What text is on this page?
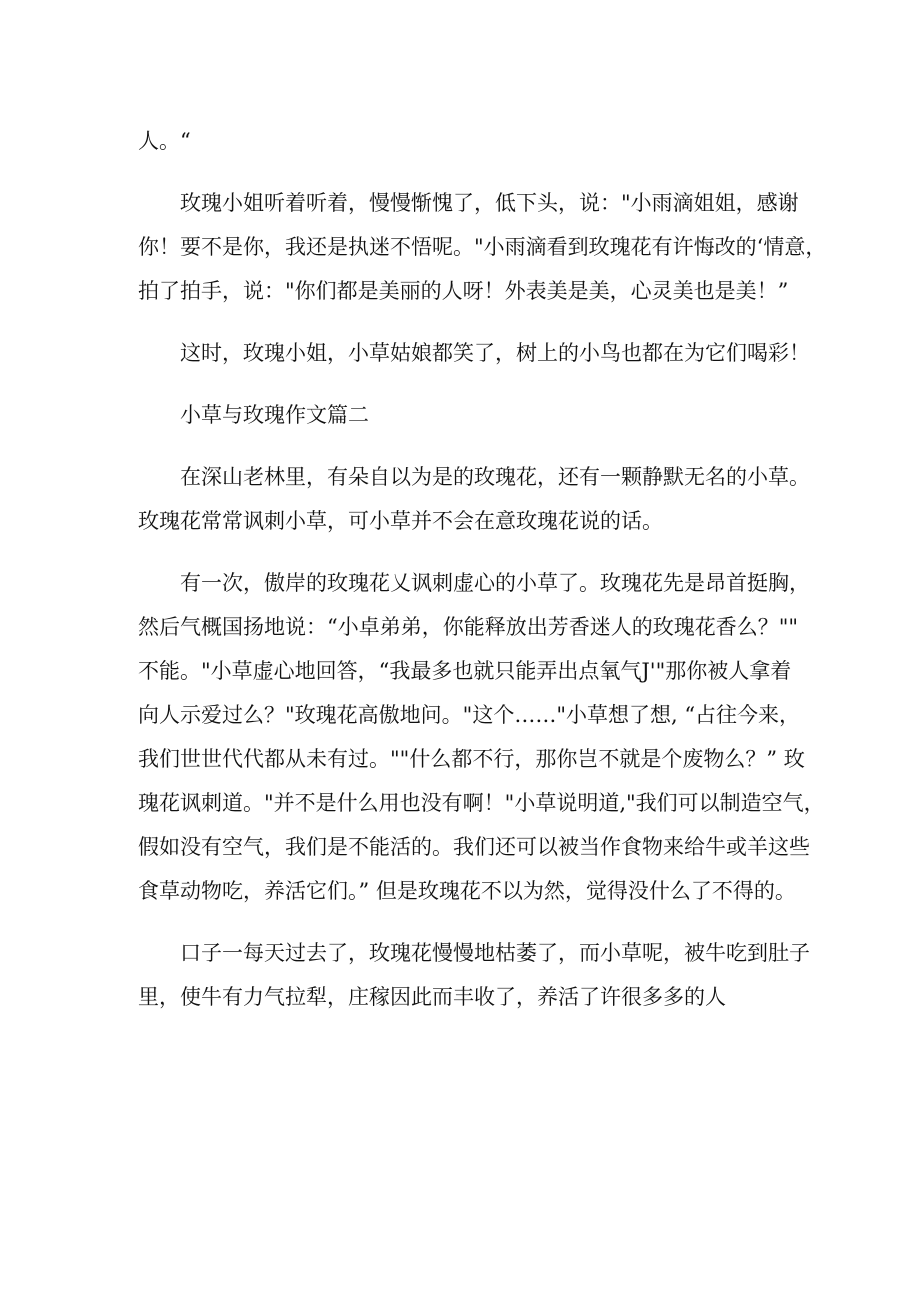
人。“
玫瑰小姐听着听着，慢慢惭愧了，低下头，说："小雨滴姐姐，感谢
你！要不是你，我还是执迷不悟呢。"小雨滴看到玫瑰花有许悔改的‘情意，
拍了拍手，说："你们都是美丽的人呀！外表美是美，心灵美也是美！”
这时，玫瑰小姐，小草姑娘都笑了，树上的小鸟也都在为它们喝彩！
小草与玫瑰作文篇二
在深山老林里，有朵自以为是的玫瑰花，还有一颗静默无名的小草。
玫瑰花常常讽刺小草，可小草并不会在意玫瑰花说的话。
有一次，傲岸的玫瑰花乂讽刺虚心的小草了。玫瑰花先是昂首挺胸，
然后气概国扬地说：“小卓弟弟，你能释放出芳香迷人的玫瑰花香么？""
不能。"小草虚心地回答，“我最多也就只能弄出点氧气J'"那你被人拿着
向人示爱过么？"玫瑰花高傲地问。"这个……"小草想了想, “占往今来，
我们世世代代都从未有过。""什么都不行，那你岂不就是个废物么？” 玫
瑰花讽刺道。"并不是什么用也没有啊！"小草说明道,"我们可以制造空气，
假如没有空气，我们是不能活的。我们还可以被当作食物来给牛或羊这些
食草动物吃，养活它们。” 但是玫瑰花不以为然，觉得没什么了不得的。
口子一每天过去了，玫瑰花慢慢地枯萎了，而小草呢，被牛吃到肚子
里，使牛有力气拉犁，庄稼因此而丰收了，养活了许很多多的人
